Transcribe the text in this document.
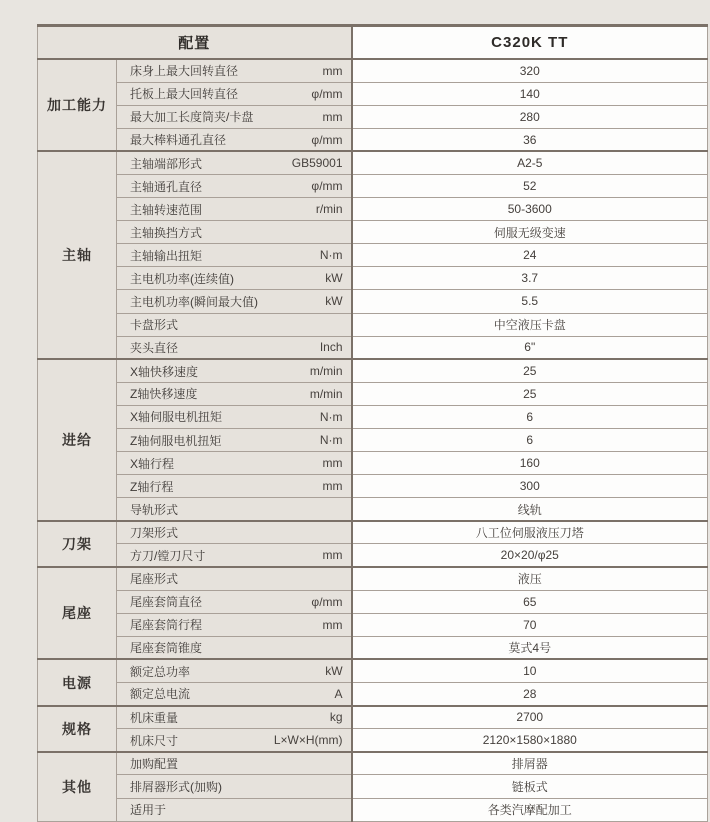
配置		C320K TT
加工能力	床身上最大回转直径 mm	320

	托板上最大回转直径 φ/mm	140

	最大加工长度筒夹/卡盘 mm	280

	最大棒料通孔直径 φ/mm	36
主轴	主轴端部形式 GB59001	A2-5

	主轴通孔直径 φ/mm	52

	主轴转速范围 r/min	50-3600

	主轴换挡方式	伺服无级变速

	主轴输出扭矩 N·m	24

	主电机功率(连续值) kW	3.7

	主电机功率(瞬间最大值) kW	5.5

	卡盘形式	中空液压卡盘

	夹头直径 Inch	6"
进给	X轴快移速度 m/min	25

	Z轴快移速度 m/min	25

	X轴伺服电机扭矩 N·m	6

	Z轴伺服电机扭矩 N·m	6

	X轴行程 mm	160

	Z轴行程 mm	300

	导轨形式	线轨
刀架	刀架形式	八工位伺服液压刀塔

	方刀/镗刀尺寸 mm	20×20/φ25
尾座	尾座形式	液压

	尾座套筒直径 φ/mm	65

	尾座套筒行程 mm	70

	尾座套筒锥度	莫式4号
电源	额定总功率 kW	10

	额定总电流 A	28
规格	机床重量 kg	2700

	机床尺寸 L×W×H(mm)	2120×1580×1880
其他	加购配置	排屑器

	排屑器形式(加购)	链板式

	适用于	各类汽摩配加工
